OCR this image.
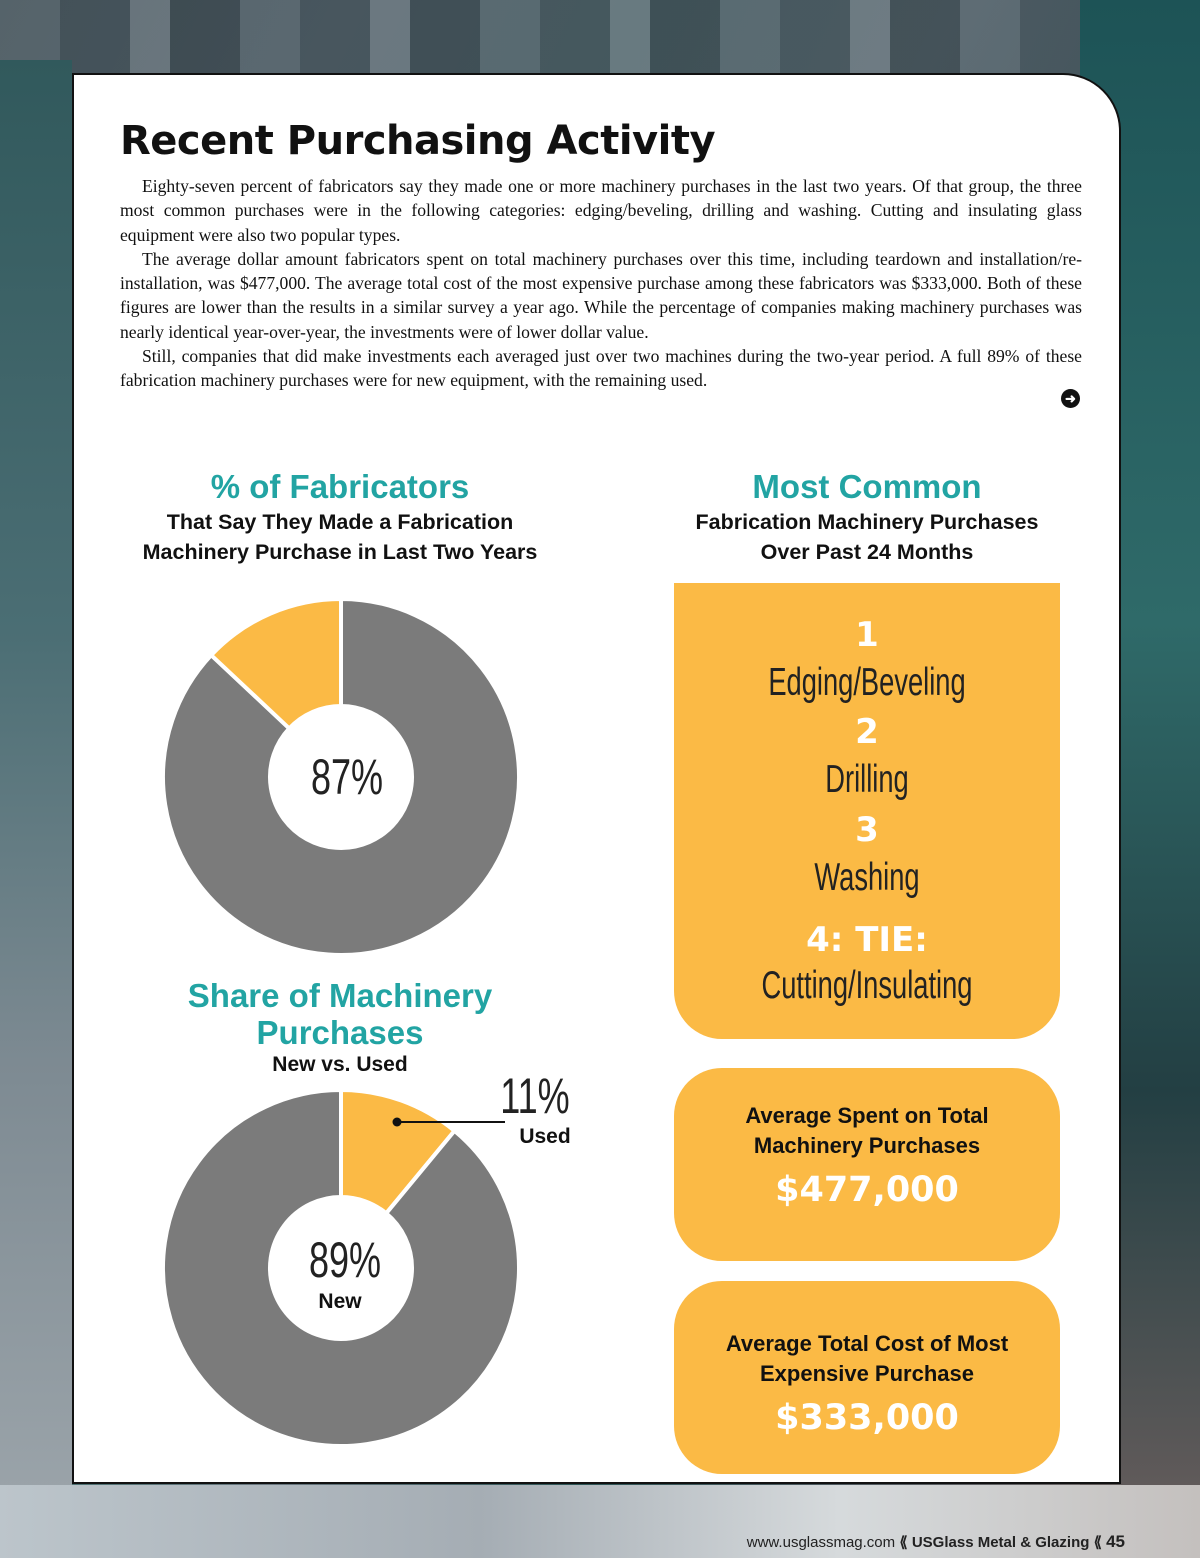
Recent Purchasing Activity

Eighty-seven percent of fabricators say they made one or more machinery purchases in the last two years. Of that group, the three most common purchases were in the following categories: edging/beveling, drilling and washing. Cutting and insulating glass equipment were also two popular types.

The average dollar amount fabricators spent on total machinery purchases over this time, including teardown and installation/re-installation, was $477,000. The average total cost of the most expensive purchase among these fabricators was $333,000. Both of these figures are lower than the results in a similar survey a year ago. While the percentage of companies making machinery purchases was nearly identical year-over-year, the investments were of lower dollar value.

Still, companies that did make investments each averaged just over two machines during the two-year period. A full 89% of these fabrication machinery purchases were for new equipment, with the remaining used.

➜
% of Fabricators
That Say They Made a Fabrication
Machinery Purchase in Last Two Years
87%
Share of Machinery
Purchases
New vs. Used
11%
Used
89%
New
Most Common
Fabrication Machinery Purchases
Over Past 24 Months
1
Edging/Beveling
2
Drilling
3
Washing
4: TIE:
Cutting/Insulating
Average Spent on Total
Machinery Purchases
$477,000
Average Total Cost of Most
Expensive Purchase
$333,000
www.usglassmag.com ⟪ USGlass Metal & Glazing ⟪ 45
